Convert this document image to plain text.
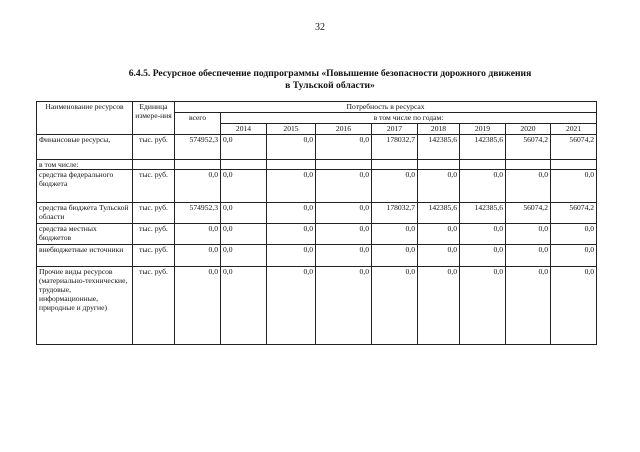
32
6.4.5. Ресурсное обеспечение подпрограммы «Повышение безопасности дорожного движения
в Тульской области»
Наименование ресурсов	Единица измере-ния	Потребность в ресурсах								
		всего	в том числе по годам:							
			2014	2015	2016	2017	2018	2019	2020	2021
Финансовые ресурсы,	тыс. руб.	574952,3	0,0	0,0	0,0	178032,7	142385,6	142385,6	56074,2	56074,2
в том числе:										
средства федерального бюджета	тыс. руб.	0,0	0,0	0,0	0,0	0,0	0,0	0,0	0,0	0,0
средства бюджета Тульской области	тыс. руб.	574952,3	0,0	0,0	0,0	178032,7	142385,6	142385,6	56074,2	56074,2
средства местных бюджетов	тыс. руб.	0,0	0,0	0,0	0,0	0,0	0,0	0,0	0,0	0,0
внебюджетные источники	тыс. руб.	0,0	0,0	0,0	0,0	0,0	0,0	0,0	0,0	0,0
Прочие виды ресурсов (материально-технические, трудовые, информационные, природные и другие)	тыс. руб.	0,0	0,0	0,0	0,0	0,0	0,0	0,0	0,0	0,0
